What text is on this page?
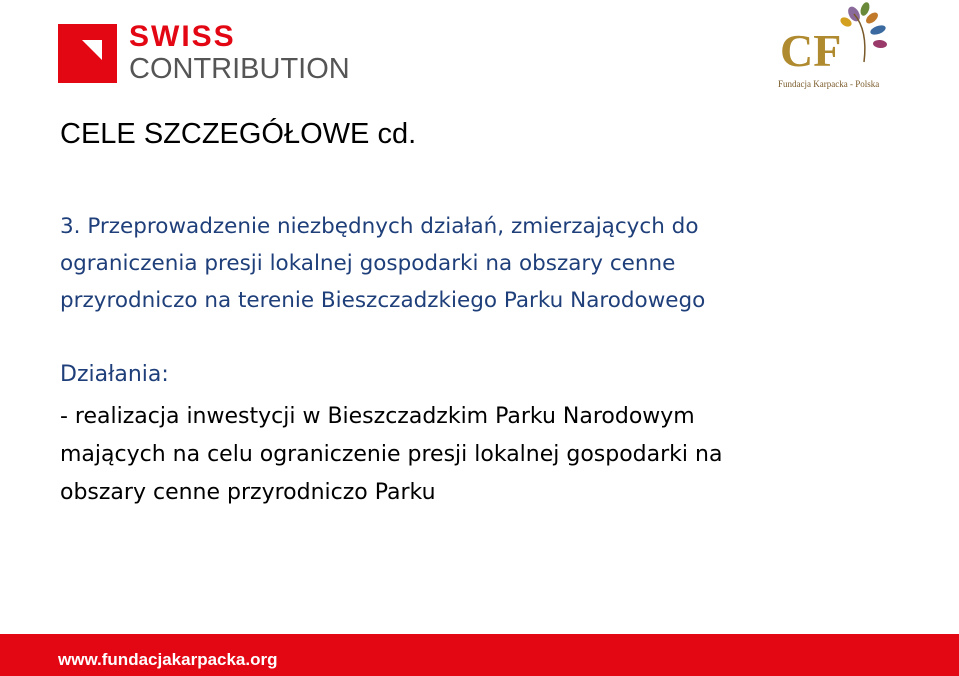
SWISS
CONTRIBUTION	CF
Fundacja Karpacka - Polska
CELE SZCZEGÓŁOWE cd.
3. Przeprowadzenie niezbędnych działań, zmierzających do
ograniczenia presji lokalnej gospodarki na obszary cenne
przyrodniczo na terenie Bieszczadzkiego Parku Narodowego
Działania:
- realizacja inwestycji w Bieszczadzkim Parku Narodowym
mających na celu ograniczenie presji lokalnej gospodarki na
obszary cenne przyrodniczo Parku
www.fundacjakarpacka.org
